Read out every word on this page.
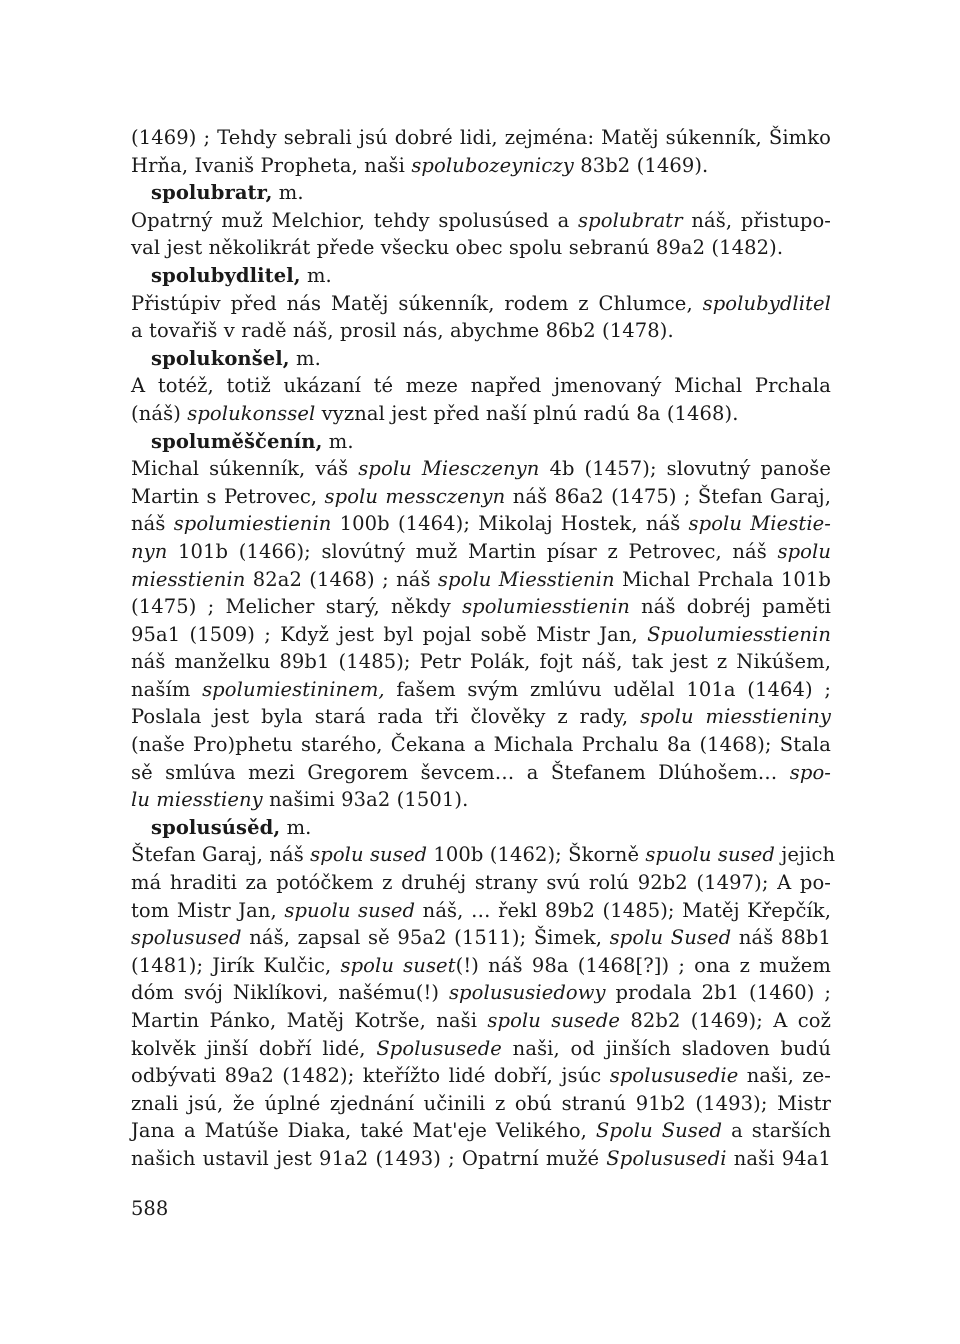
(1469) ; Tehdy sebrali jsú dobré lidi, zejména: Matěj súkenník, Šimko
Hrňa, Ivaniš Propheta, naši spolubozeyniczy 83b2 (1469).
spolubratr, m.
Opatrný muž Melchior, tehdy spolusúsed a spolubratr náš, přistupo-
val jest několikrát přede všecku obec spolu sebranú 89a2 (1482).
spolubydlitel, m.
Přistúpiv před nás Matěj súkenník, rodem z Chlumce, spolubydlitel
a tovařiš v radě náš, prosil nás, abychme 86b2 (1478).
spolukonšel, m.
A totéž, totiž ukázaní té meze napřed jmenovaný Michal Prchala
(náš) spolukonssel vyznal jest před naší plnú radú 8a (1468).
spoluměščenín, m.
Michal súkenník, váš spolu Miesczenyn 4b (1457); slovutný panoše
Martin s Petrovec, spolu messczenyn náš 86a2 (1475) ; Štefan Garaj,
náš spolumiestienin 100b (1464); Mikolaj Hostek, náš spolu Miestie-
nyn 101b (1466); slovútný muž Martin písar z Petrovec, náš spolu
miesstienin 82a2 (1468) ; náš spolu Miesstienin Michal Prchala 101b
(1475) ; Melicher starý, někdy spolumiesstienin náš dobréj paměti
95a1 (1509) ; Když jest byl pojal sobě Mistr Jan, Spuolumiesstienin
náš manželku 89b1 (1485); Petr Polák, fojt náš, tak jest z Nikúšem,
naším spolumiestininem, fašem svým zmlúvu udělal 101a (1464) ;
Poslala jest byla stará rada tři člověky z rady, spolu miesstieniny
(naše Pro)phetu starého, Čekana a Michala Prchalu 8a (1468); Stala
sě smlúva mezi Gregorem ševcem… a Štefanem Dlúhošem… spo-
lu miesstieny našimi 93a2 (1501).
spolusúsěd, m.
Štefan Garaj, náš spolu sused 100b (1462); Škorně spuolu sused jejich
má hraditi za potóčkem z druhéj strany svú rolú 92b2 (1497); A po-
tom Mistr Jan, spuolu sused náš, … řekl 89b2 (1485); Matěj Křepčík,
spolusused náš, zapsal sě 95a2 (1511); Šimek, spolu Sused náš 88b1
(1481); Jirík Kulčic, spolu suset(!) náš 98a (1468[?]) ; ona z mužem
dóm svój Niklíkovi, našému(!) spolususiedowy prodala 2b1 (1460) ;
Martin Pánko, Matěj Kotrše, naši spolu susede 82b2 (1469); A což
kolvěk jinší dobří lidé, Spolususede naši, od jinších sladoven budú
odbývati 89a2 (1482); kteřížto lidé dobří, jsúc spolususedie naši, ze-
znali jsú, že úplné zjednání učinili z obú stranú 91b2 (1493); Mistr
Jana a Matúše Diaka, také Mat'eje Velikého, Spolu Sused a starších
našich ustavil jest 91a2 (1493) ; Opatrní mužé Spolususedi naši 94a1
588
